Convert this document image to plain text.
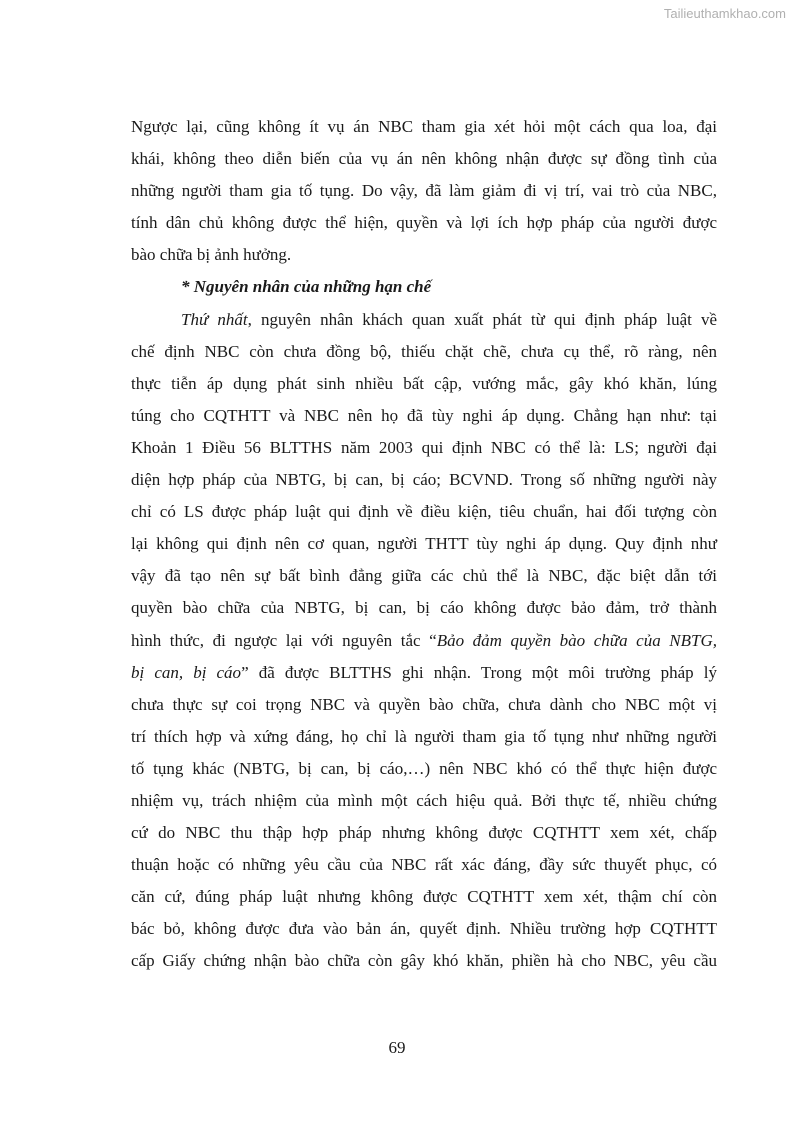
Tailieuthamkhao.com
Ngược lại, cũng không ít vụ án NBC tham gia xét hỏi một cách qua loa, đại
khái, không theo diễn biến của vụ án nên không nhận được sự đồng tình của
những người tham gia tố tụng. Do vậy, đã làm giảm đi vị trí, vai trò của NBC,
tính dân chủ không được thể hiện, quyền và lợi ích hợp pháp của người được
bào chữa bị ảnh hưởng.
* Nguyên nhân của những hạn chế
Thứ nhất, nguyên nhân khách quan xuất phát từ qui định pháp luật về
chế định NBC còn chưa đồng bộ, thiếu chặt chẽ, chưa cụ thể, rõ ràng, nên
thực tiễn áp dụng phát sinh nhiều bất cập, vướng mắc, gây khó khăn, lúng
túng cho CQTHTT và NBC nên họ đã tùy nghi áp dụng. Chẳng hạn như: tại
Khoản 1 Điều 56 BLTTHS năm 2003 qui định NBC có thể là: LS; người đại
diện hợp pháp của NBTG, bị can, bị cáo; BCVND. Trong số những người này
chỉ có LS được pháp luật qui định về điều kiện, tiêu chuẩn, hai đối tượng còn
lại không qui định nên cơ quan, người THTT tùy nghi áp dụng. Quy định như
vậy đã tạo nên sự bất bình đẳng giữa các chủ thể là NBC, đặc biệt dẫn tới
quyền bào chữa của NBTG, bị can, bị cáo không được bảo đảm, trở thành
hình thức, đi ngược lại với nguyên tắc “Bảo đảm quyền bào chữa của NBTG,
bị can, bị cáo” đã được BLTTHS ghi nhận. Trong một môi trường pháp lý
chưa thực sự coi trọng NBC và quyền bào chữa, chưa dành cho NBC một vị
trí thích hợp và xứng đáng, họ chỉ là người tham gia tố tụng như những người
tố tụng khác (NBTG, bị can, bị cáo,…) nên NBC khó có thể thực hiện được
nhiệm vụ, trách nhiệm của mình một cách hiệu quả. Bởi thực tế, nhiều chứng
cứ do NBC thu thập hợp pháp nhưng không được CQTHTT xem xét, chấp
thuận hoặc có những yêu cầu của NBC rất xác đáng, đầy sức thuyết phục, có
căn cứ, đúng pháp luật nhưng không được CQTHTT xem xét, thậm chí còn
bác bỏ, không được đưa vào bản án, quyết định. Nhiều trường hợp CQTHTT
cấp Giấy chứng nhận bào chữa còn gây khó khăn, phiền hà cho NBC, yêu cầu
69
